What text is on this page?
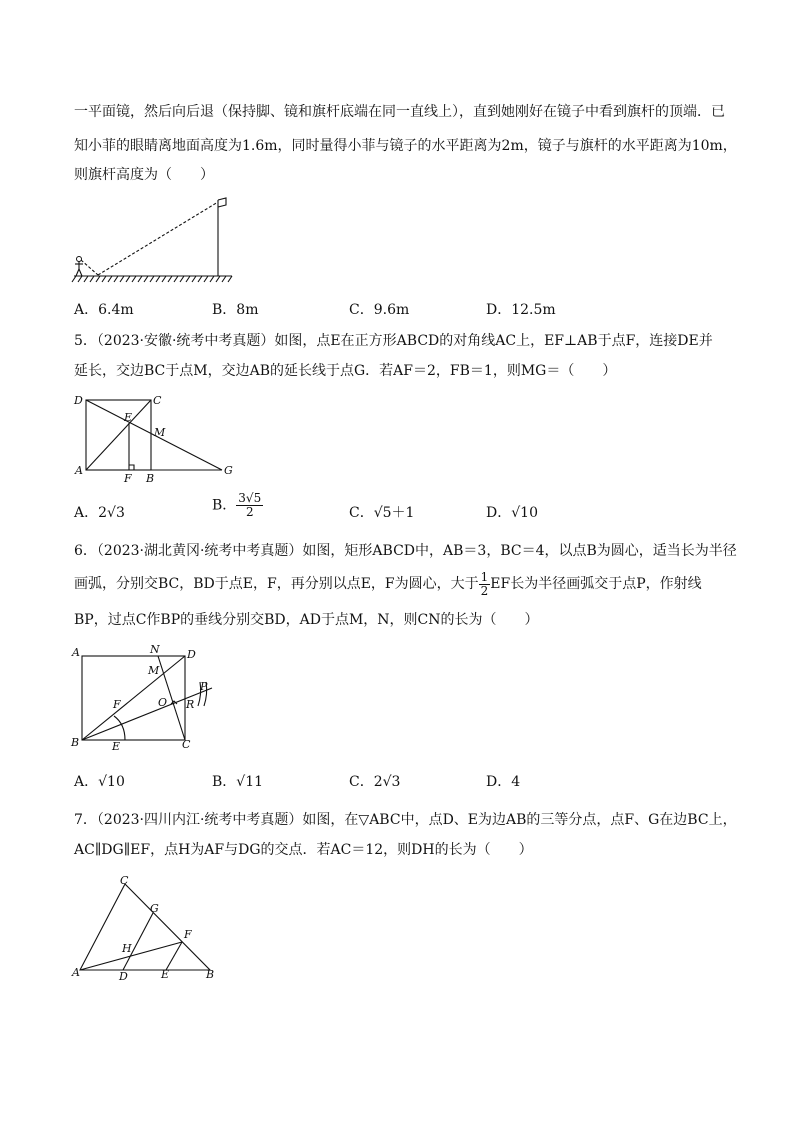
一平面镜，然后向后退（保持脚、镜和旗杆底端在同一直线上），直到她刚好在镜子中看到旗杆的顶端．已
知小菲的眼睛离地面高度为1.6m，同时量得小菲与镜子的水平距离为2m，镜子与旗杆的水平距离为10m，
则旗杆高度为（　　）
A．6.4m	B．8m	C．9.6m	D．12.5m
5．（2023·安徽·统考中考真题）如图，点E在正方形ABCD的对角线AC上，EF⊥AB于点F，连接DE并
延长，交边BC于点M，交边AB的延长线于点G．若AF＝2，FB＝1，则MG＝（　　）
D	C
E
M
A
F B
G
A．2√3	B． $\frac{3√5}{2}$	C．√5＋1	D．√10
6．（2023·湖北黄冈·统考中考真题）如图，矩形ABCD中，AB＝3，BC＝4，以点B为圆心，适当长为半径
画弧，分别交BC，BD于点E，F，再分别以点E，F为圆心，大于 $\frac{1}{2}$ EF长为半径画弧交于点P，作射线
BP，过点C作BP的垂线分别交BD，AD于点M，N，则CN的长为（　　）
A	N D
M
P
F	O R
B	E	C
A．√10	B．√11	C．2√3	D．4
7．（2023·四川内江·统考中考真题）如图，在▽ABC中，点D、E为边AB的三等分点，点F、G在边BC上，
AC∥DG∥EF，点H为AF与DG的交点．若AC＝12，则DH的长为（　　）
C
G
F
H
A	D	E	B
